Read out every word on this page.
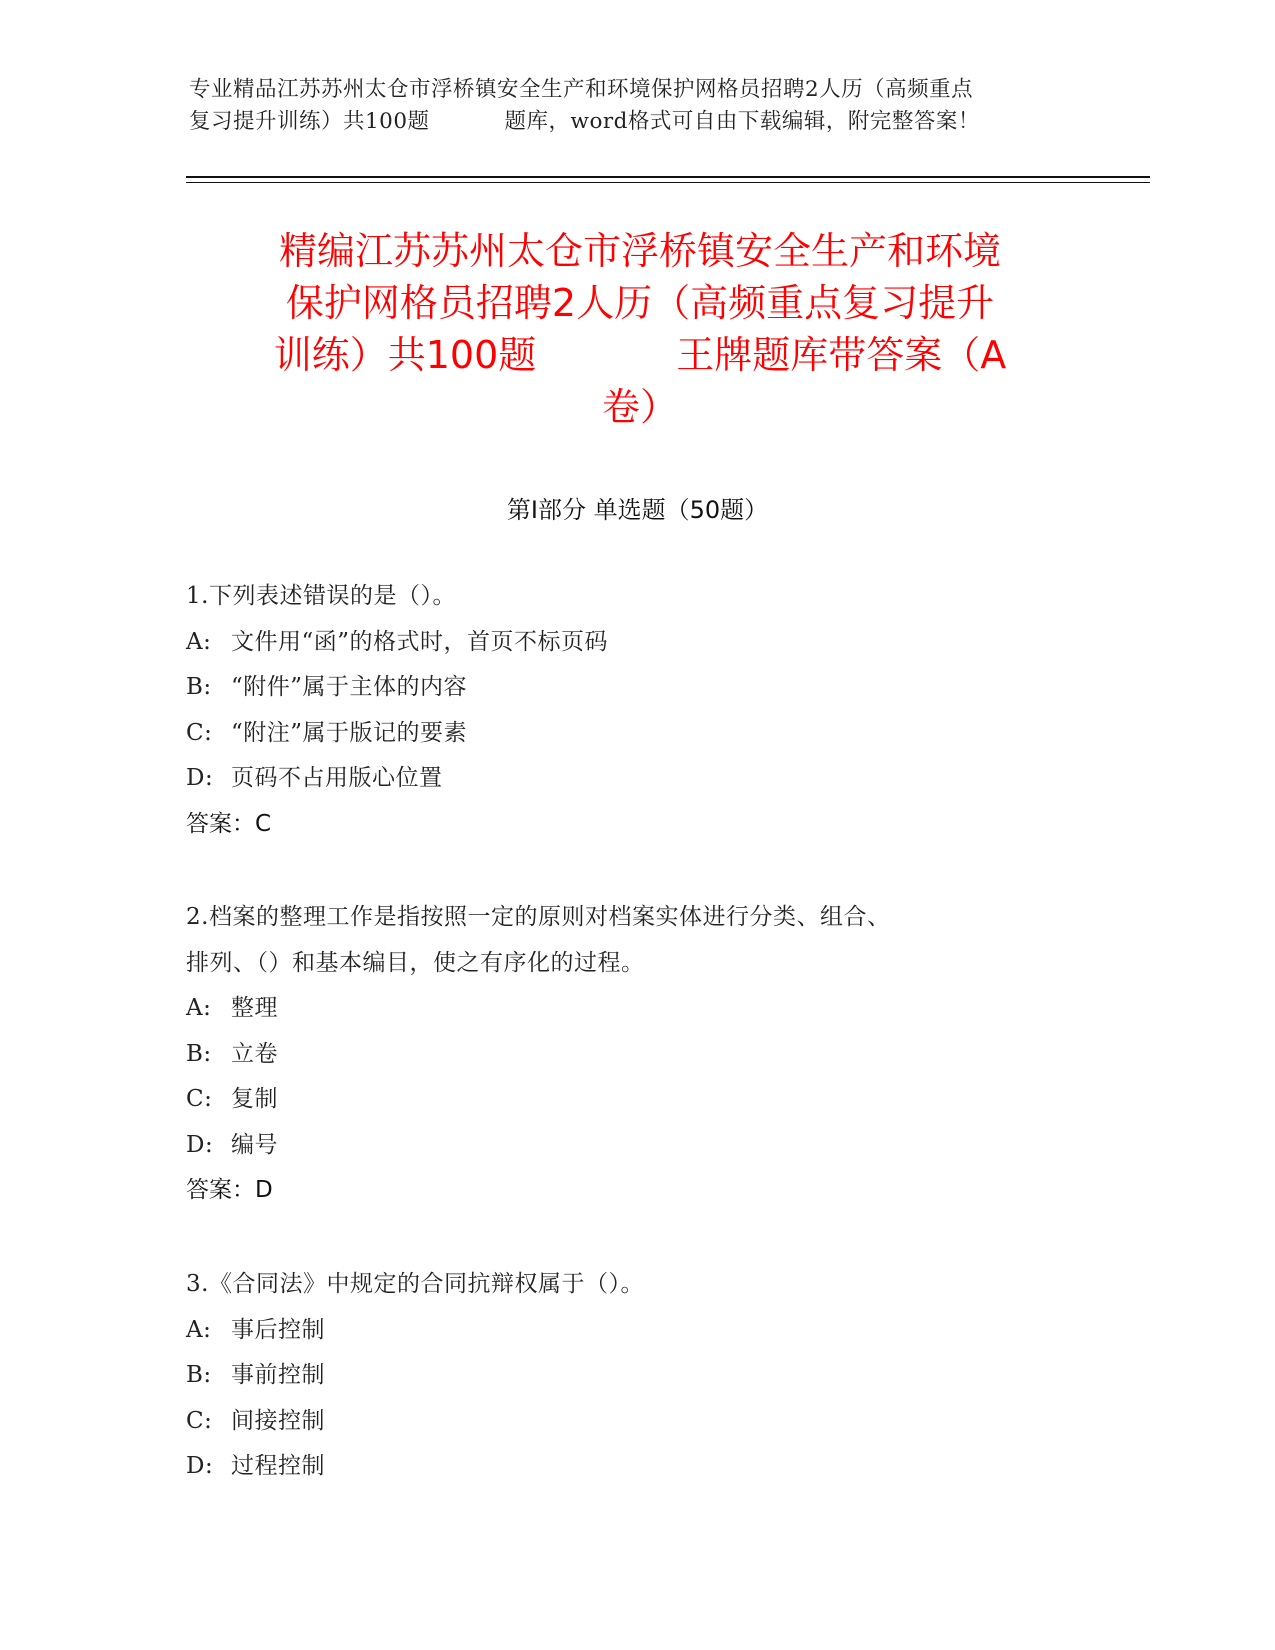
专业精品江苏苏州太仓市浮桥镇安全生产和环境保护网格员招聘2人历（高频重点
复习提升训练）共100题	题库，word格式可自由下载编辑，附完整答案！
精编江苏苏州太仓市浮桥镇安全生产和环境
保护网格员招聘2人历（高频重点复习提升
训练）共100题	王牌题库带答案（A
卷）
第Ⅰ部分 单选题（50题）
1.下列表述错误的是（）。
A: 文件用“函”的格式时，首页不标页码
B: “附件”属于主体的内容
C: “附注”属于版记的要素
D: 页码不占用版心位置
答案：C
2.档案的整理工作是指按照一定的原则对档案实体进行分类、组合、
排列、（）和基本编目，使之有序化的过程。
A: 整理
B: 立卷
C: 复制
D: 编号
答案：D
3.《合同法》中规定的合同抗辩权属于（）。
A: 事后控制
B: 事前控制
C: 间接控制
D: 过程控制
